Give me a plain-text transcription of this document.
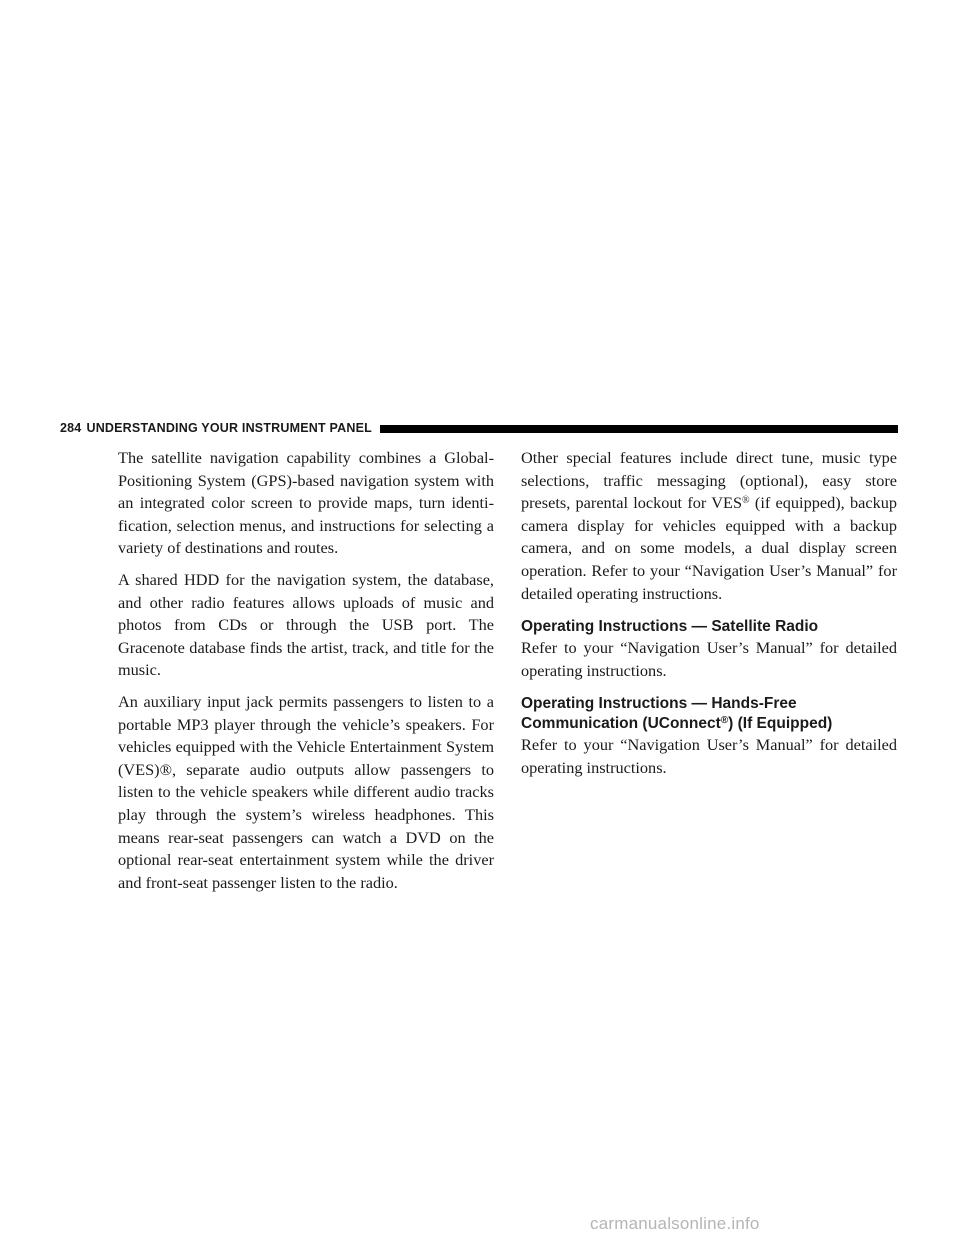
284 UNDERSTANDING YOUR INSTRUMENT PANEL

The satellite navigation capability combines a Global-Positioning System (GPS)-based navigation system with an integrated color screen to provide maps, turn identi-fication, selection menus, and instructions for selecting a variety of destinations and routes.

A shared HDD for the navigation system, the database, and other radio features allows uploads of music and photos from CDs or through the USB port. The Gracenote database finds the artist, track, and title for the music.

An auxiliary input jack permits passengers to listen to a portable MP3 player through the vehicle’s speakers. For vehicles equipped with the Vehicle Entertainment System (VES)®, separate audio outputs allow passengers to listen to the vehicle speakers while different audio tracks play through the system’s wireless headphones. This means rear-seat passengers can watch a DVD on the optional rear-seat entertainment system while the driver and front-seat passenger listen to the radio.

Other special features include direct tune, music type selections, traffic messaging (optional), easy store presets, parental lockout for VES® (if equipped), backup camera display for vehicles equipped with a backup camera, and on some models, a dual display screen operation. Refer to your “Navigation User’s Manual” for detailed operating instructions.

Operating Instructions — Satellite Radio

Refer to your “Navigation User’s Manual” for detailed operating instructions.

Operating Instructions — Hands-Free
Communication (UConnect®) (If Equipped)

Refer to your “Navigation User’s Manual” for detailed operating instructions.

carmanualsonline.info
